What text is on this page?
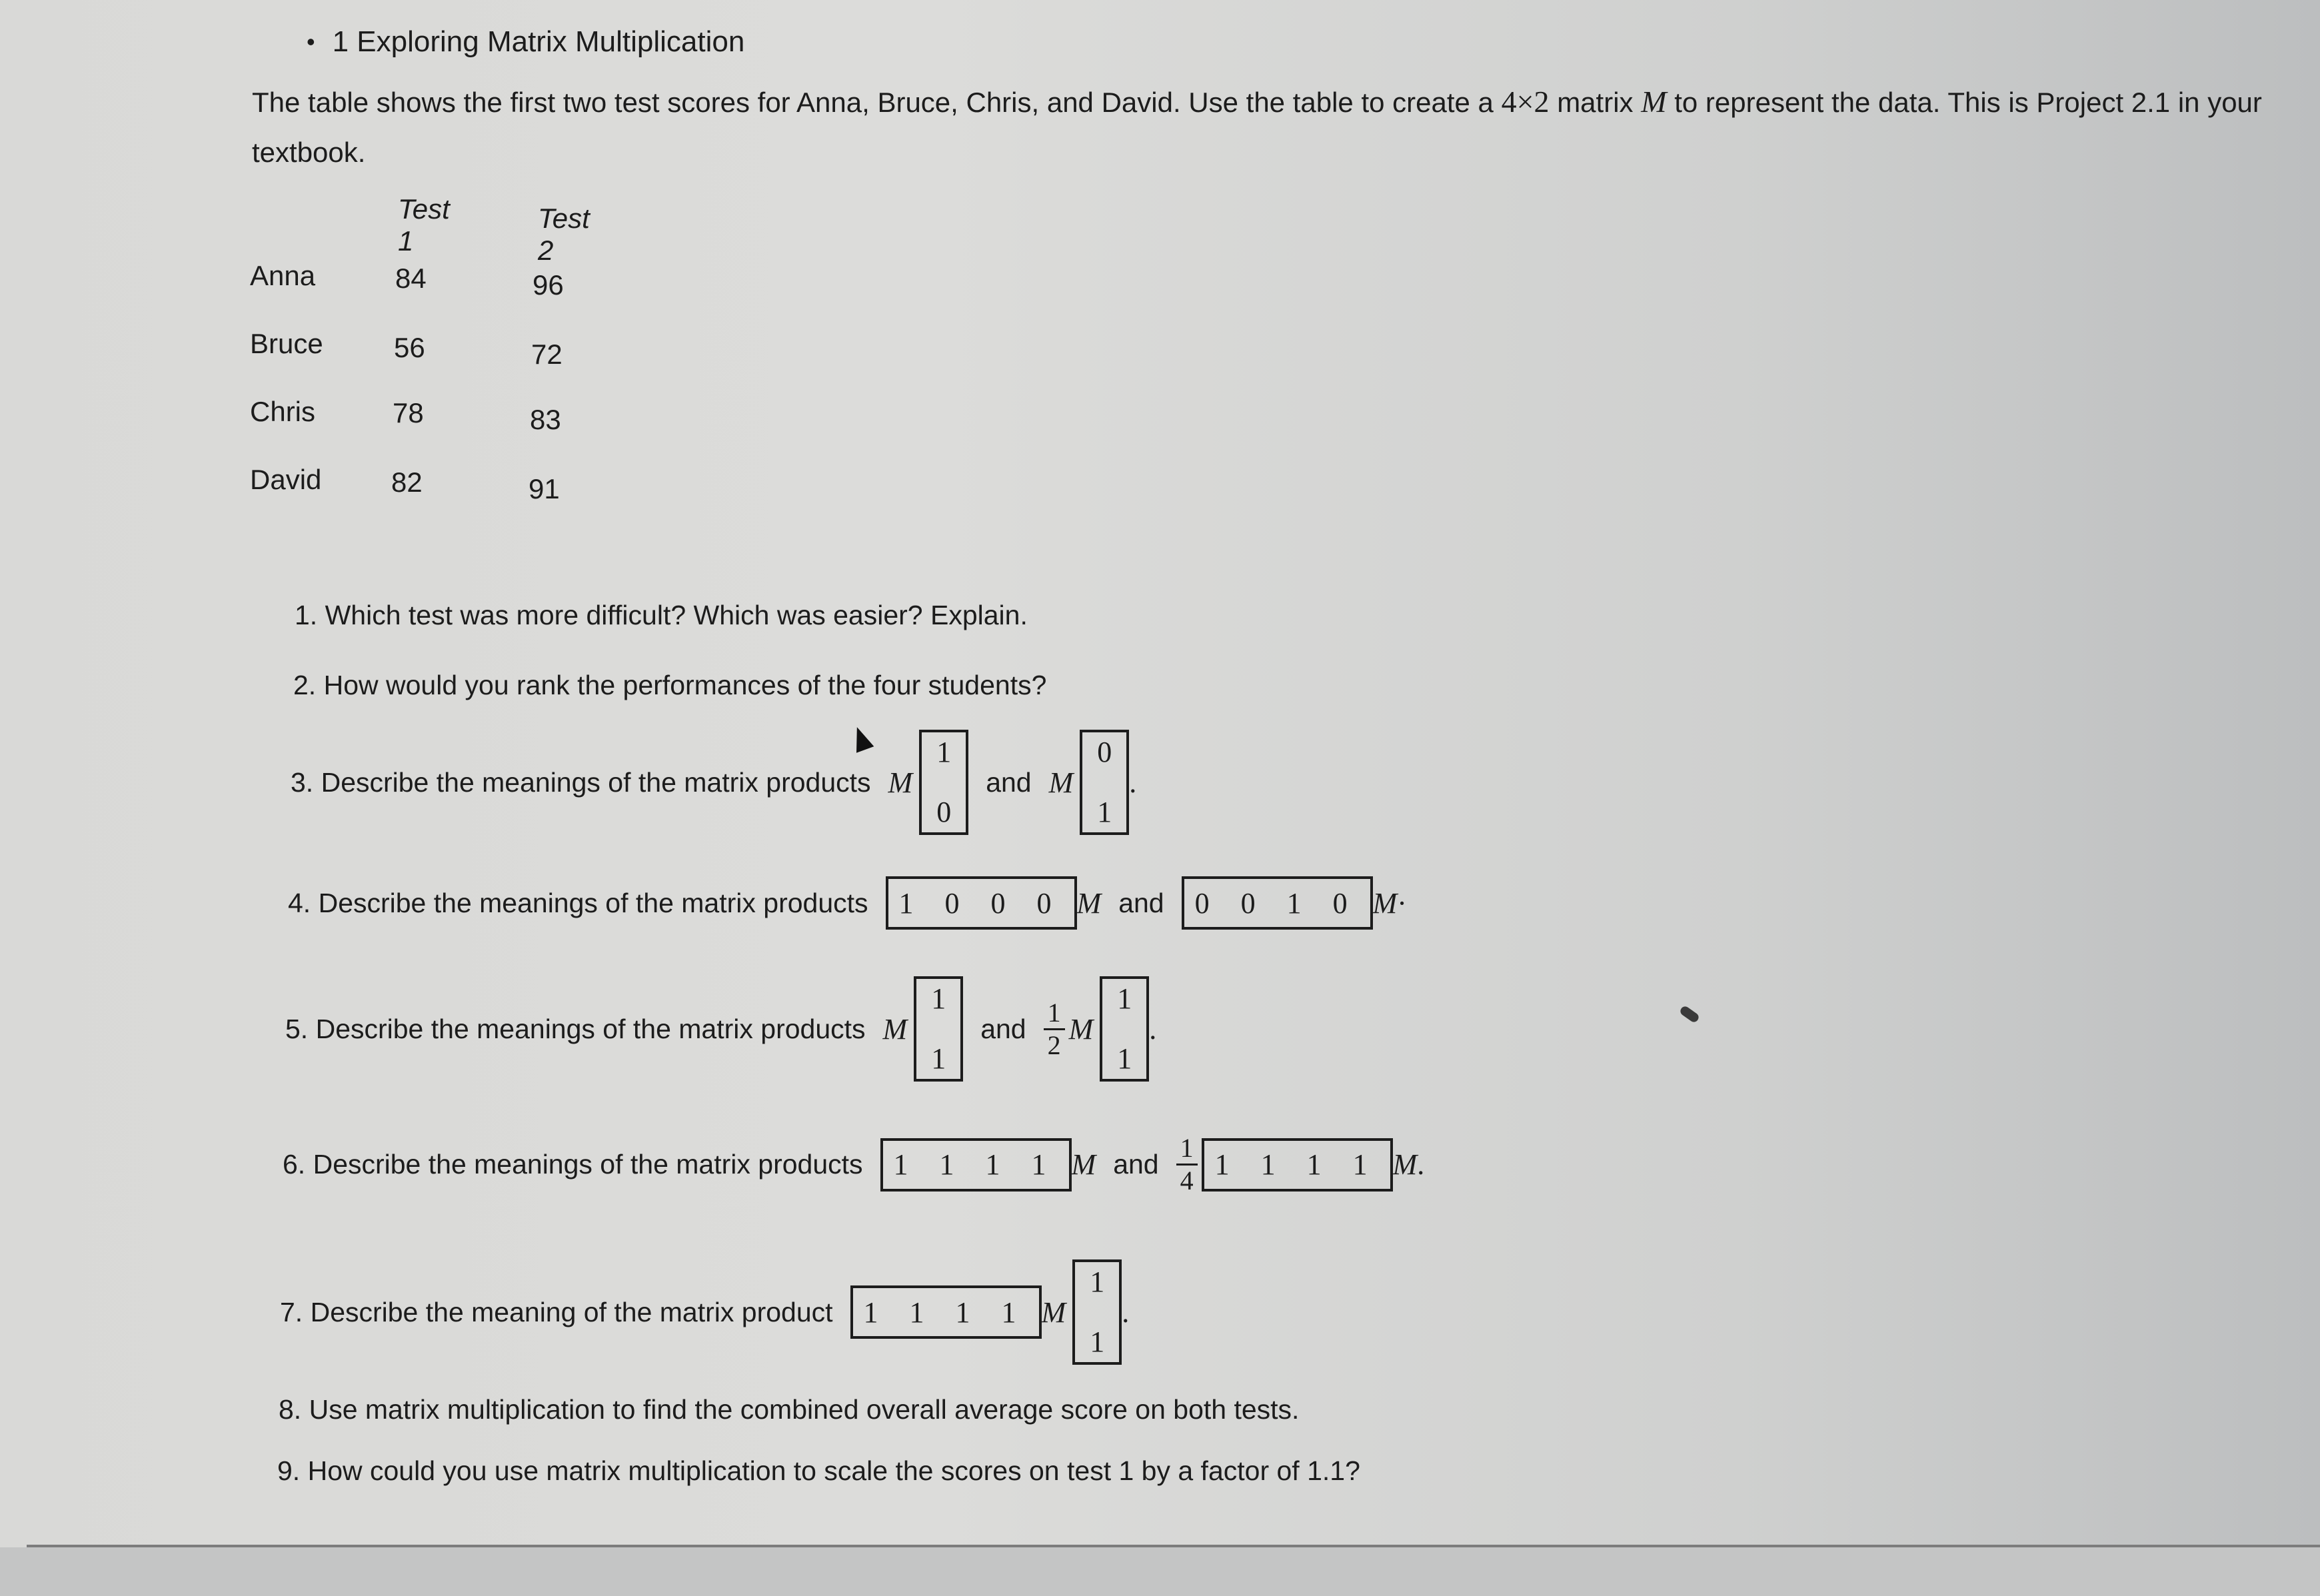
• 1 Exploring Matrix Multiplication
The table shows the first two test scores for Anna, Bruce, Chris, and David. Use the table to create a 4×2 matrix M to represent the data. This is Project 2.1 in your textbook.
Test 1
Test 2
Anna	84	96
Bruce	56	72
Chris	78	83
David 82	91
1. Which test was more difficult? Which was easier? Explain.
2. How would you rank the performances of the four students?
3. Describe the meanings of the matrix products M
1
0
and M
0
1
.
4. Describe the meanings of the matrix products	1 0 0 0 M and	0 0 1 0 M ·
5. Describe the meanings of the matrix products M
1
1
and $\frac{1}{2}$ M
1
1
.
6. Describe the meanings of the matrix products	1 1 1 1 M and $\frac{1}{4} 1$ 1 1 1 M .
7. Describe the meaning of the matrix product	1 1 1 1 M
1
1
.
8. Use matrix multiplication to find the combined overall average score on both tests.
9. How could you use matrix multiplication to scale the scores on test 1 by a factor of 1.1?
